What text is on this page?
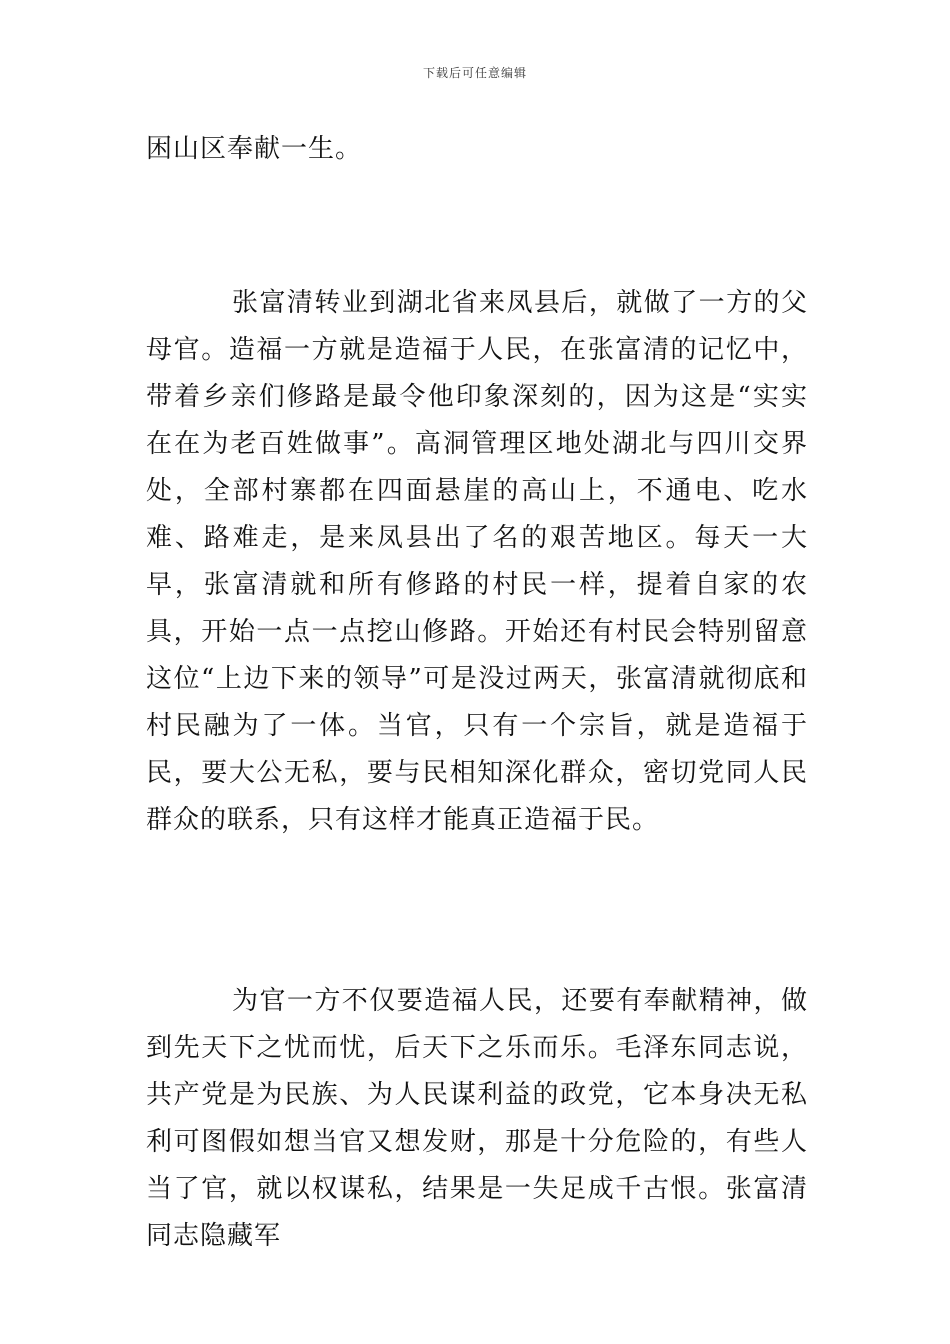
下载后可任意编辑

困山区奉献一生。

张富清转业到湖北省来凤县后，就做了一方的父母官。造福一方就是造福于人民，在张富清的记忆中，带着乡亲们修路是最令他印象深刻的，因为这是“实实在在为老百姓做事”。高洞管理区地处湖北与四川交界处，全部村寨都在四面悬崖的高山上，不通电、吃水难、路难走，是来凤县出了名的艰苦地区。每天一大早，张富清就和所有修路的村民一样，提着自家的农具，开始一点一点挖山修路。开始还有村民会特别留意这位“上边下来的领导”可是没过两天，张富清就彻底和村民融为了一体。当官，只有一个宗旨，就是造福于民，要大公无私，要与民相知深化群众，密切党同人民群众的联系，只有这样才能真正造福于民。

为官一方不仅要造福人民，还要有奉献精神，做到先天下之忧而忧，后天下之乐而乐。毛泽东同志说，共产党是为民族、为人民谋利益的政党，它本身决无私利可图假如想当官又想发财，那是十分危险的，有些人当了官，就以权谋私，结果是一失足成千古恨。张富清同志隐藏军
